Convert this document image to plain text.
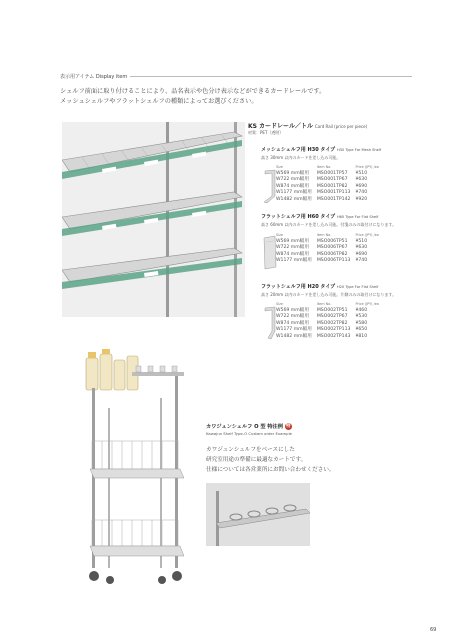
表示用アイテム Display item
シェルフ前面に取り付けることにより、品名表示や色分け表示などができるカードレールです。
メッシュシェルフやフラットシェルフの種類によってお選びください。
KS カードレール／トル Card Rail (price per piece)
材質：PET（透明）
メッシュシェルフ用 H30 タイプ H30 Type For Mesh Shelf
高さ 30mm 以内のカードを差し込み可能。
Size	Item No.	Price (JPY) /ea
W569 mm幅用	MSO001TP57	¥510
W722 mm幅用	MSO001TP67	¥630
W874 mm幅用	MSO001TP82	¥690
W1177 mm幅用	MSO001TP113	¥740
W1482 mm幅用	MSO001TP142	¥920
フラットシェルフ用 H60 タイプ H60 Type For Flat Shelf
高さ 60mm 以内のカードを差し込み可能。付箋のみの取付けになります。
Size	Item No.	Price (JPY) /ea
W569 mm幅用	MSO006TP51	¥510
W722 mm幅用	MSO006TP67	¥630
W874 mm幅用	MSO006TP82	¥690
W1177 mm幅用	MSO006TP113	¥740
フラットシェルフ用 H20 タイプ H20 Type For Flat Shelf
高さ 20mm 以内のカードを差し込み可能。片側のみの取付けになります。
Size	Item No.	Price (JPY) /ea
W569 mm幅用	MSO002TP51	¥460
W722 mm幅用	MSO002TP67	¥530
W874 mm幅用	MSO002TP82	¥580
W1177 mm幅用	MSO002TP113	¥650
W1482 mm幅用	MSO002TP143	¥810
カワジュンシェルフ O 型 特注例 特
Kawajun Shelf Type-O Custom order Example
カワジュンシェルフをベースにした
研究室用途の準備に最適なカートです。
仕様については各営業所にお問い合わせください。
69
